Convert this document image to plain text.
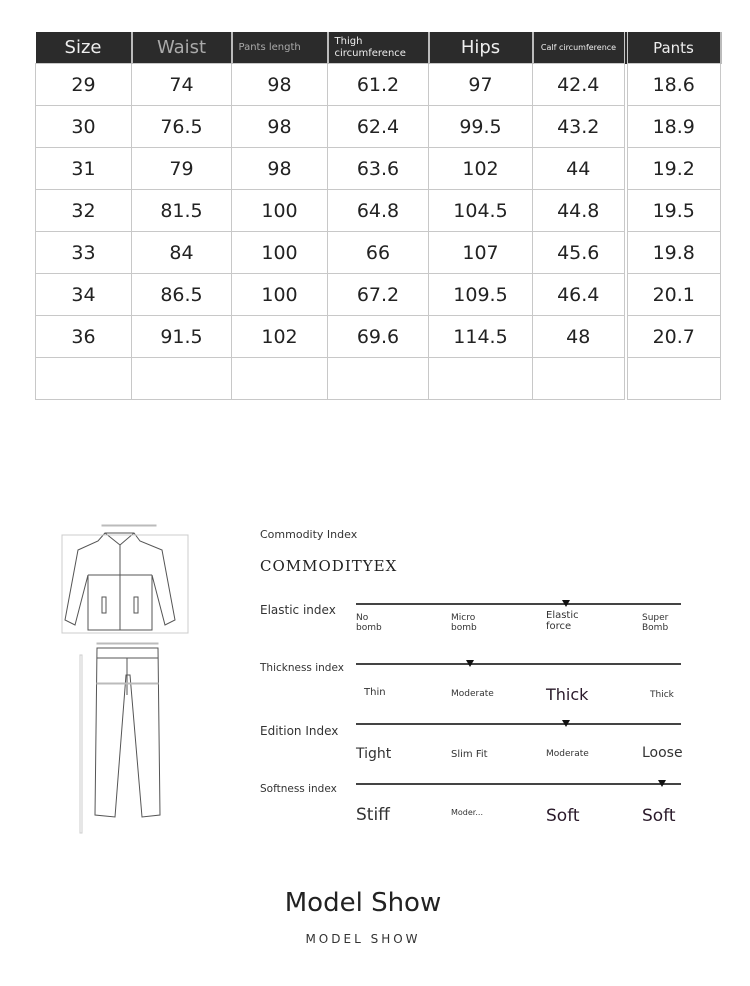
Size	Waist	Pants length	Thigh circumference	Hips	Calf circumference	Pants
29	74	98	61.2	97	42.4	18.6
30	76.5	98	62.4	99.5	43.2	18.9
31	79	98	63.6	102	44	19.2
32	81.5	100	64.8	104.5	44.8	19.5
33	84	100	66	107	45.6	19.8
34	86.5	100	67.2	109.5	46.4	20.1
36	91.5	102	69.6	114.5	48	20.7

Commodity Index
COMMODITYEX
Elastic index
No bomb
Micro bomb
Elastic force
Super Bomb
Thickness index
Thin	Moderate	Thick	Thick
Edition Index
Tight	Slim Fit	Moderate	Loose
Softness index
Stiff	Moder...	Soft	Soft
Model Show
MODEL SHOW
